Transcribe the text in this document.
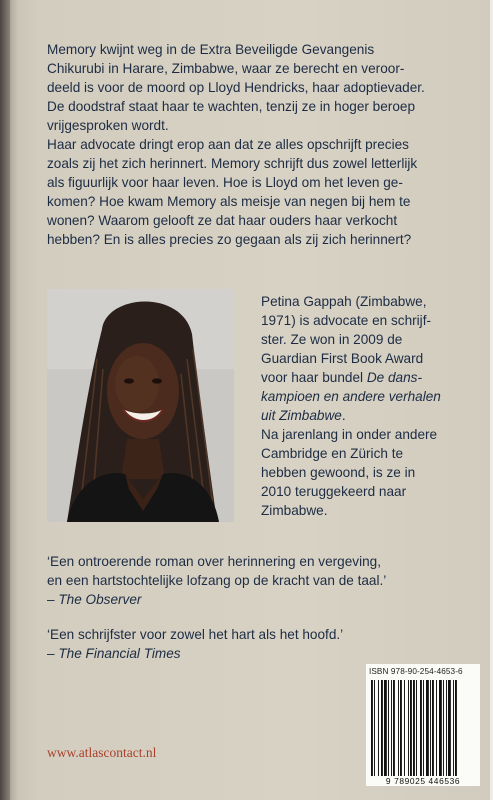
Memory kwijnt weg in de Extra Beveiligde Gevangenis
Chikurubi in Harare, Zimbabwe, waar ze berecht en veroor-
deeld is voor de moord op Lloyd Hendricks, haar adoptievader.
De doodstraf staat haar te wachten, tenzij ze in hoger beroep
vrijgesproken wordt.
Haar advocate dringt erop aan dat ze alles opschrijft precies
zoals zij het zich herinnert. Memory schrijft dus zowel letterlijk
als figuurlijk voor haar leven. Hoe is Lloyd om het leven ge-
komen? Hoe kwam Memory als meisje van negen bij hem te
wonen? Waarom gelooft ze dat haar ouders haar verkocht
hebben? En is alles precies zo gegaan als zij zich herinnert?

Petina Gappah (Zimbabwe,
1971) is advocate en schrijf-
ster. Ze won in 2009 de
Guardian First Book Award
voor haar bundel De dans-
kampioen en andere verhalen
uit Zimbabwe.
Na jarenlang in onder andere
Cambridge en Zürich te
hebben gewoond, is ze in
2010 teruggekeerd naar
Zimbabwe.

‘Een ontroerende roman over herinnering en vergeving,
en een hartstochtelijke lofzang op de kracht van de taal.’
– The Observer
‘Een schrijfster voor zowel het hart als het hoofd.’
– The Financial Times
www.atlascontact.nl
ISBN 978-90-254-4653-6
9 789025 446536
